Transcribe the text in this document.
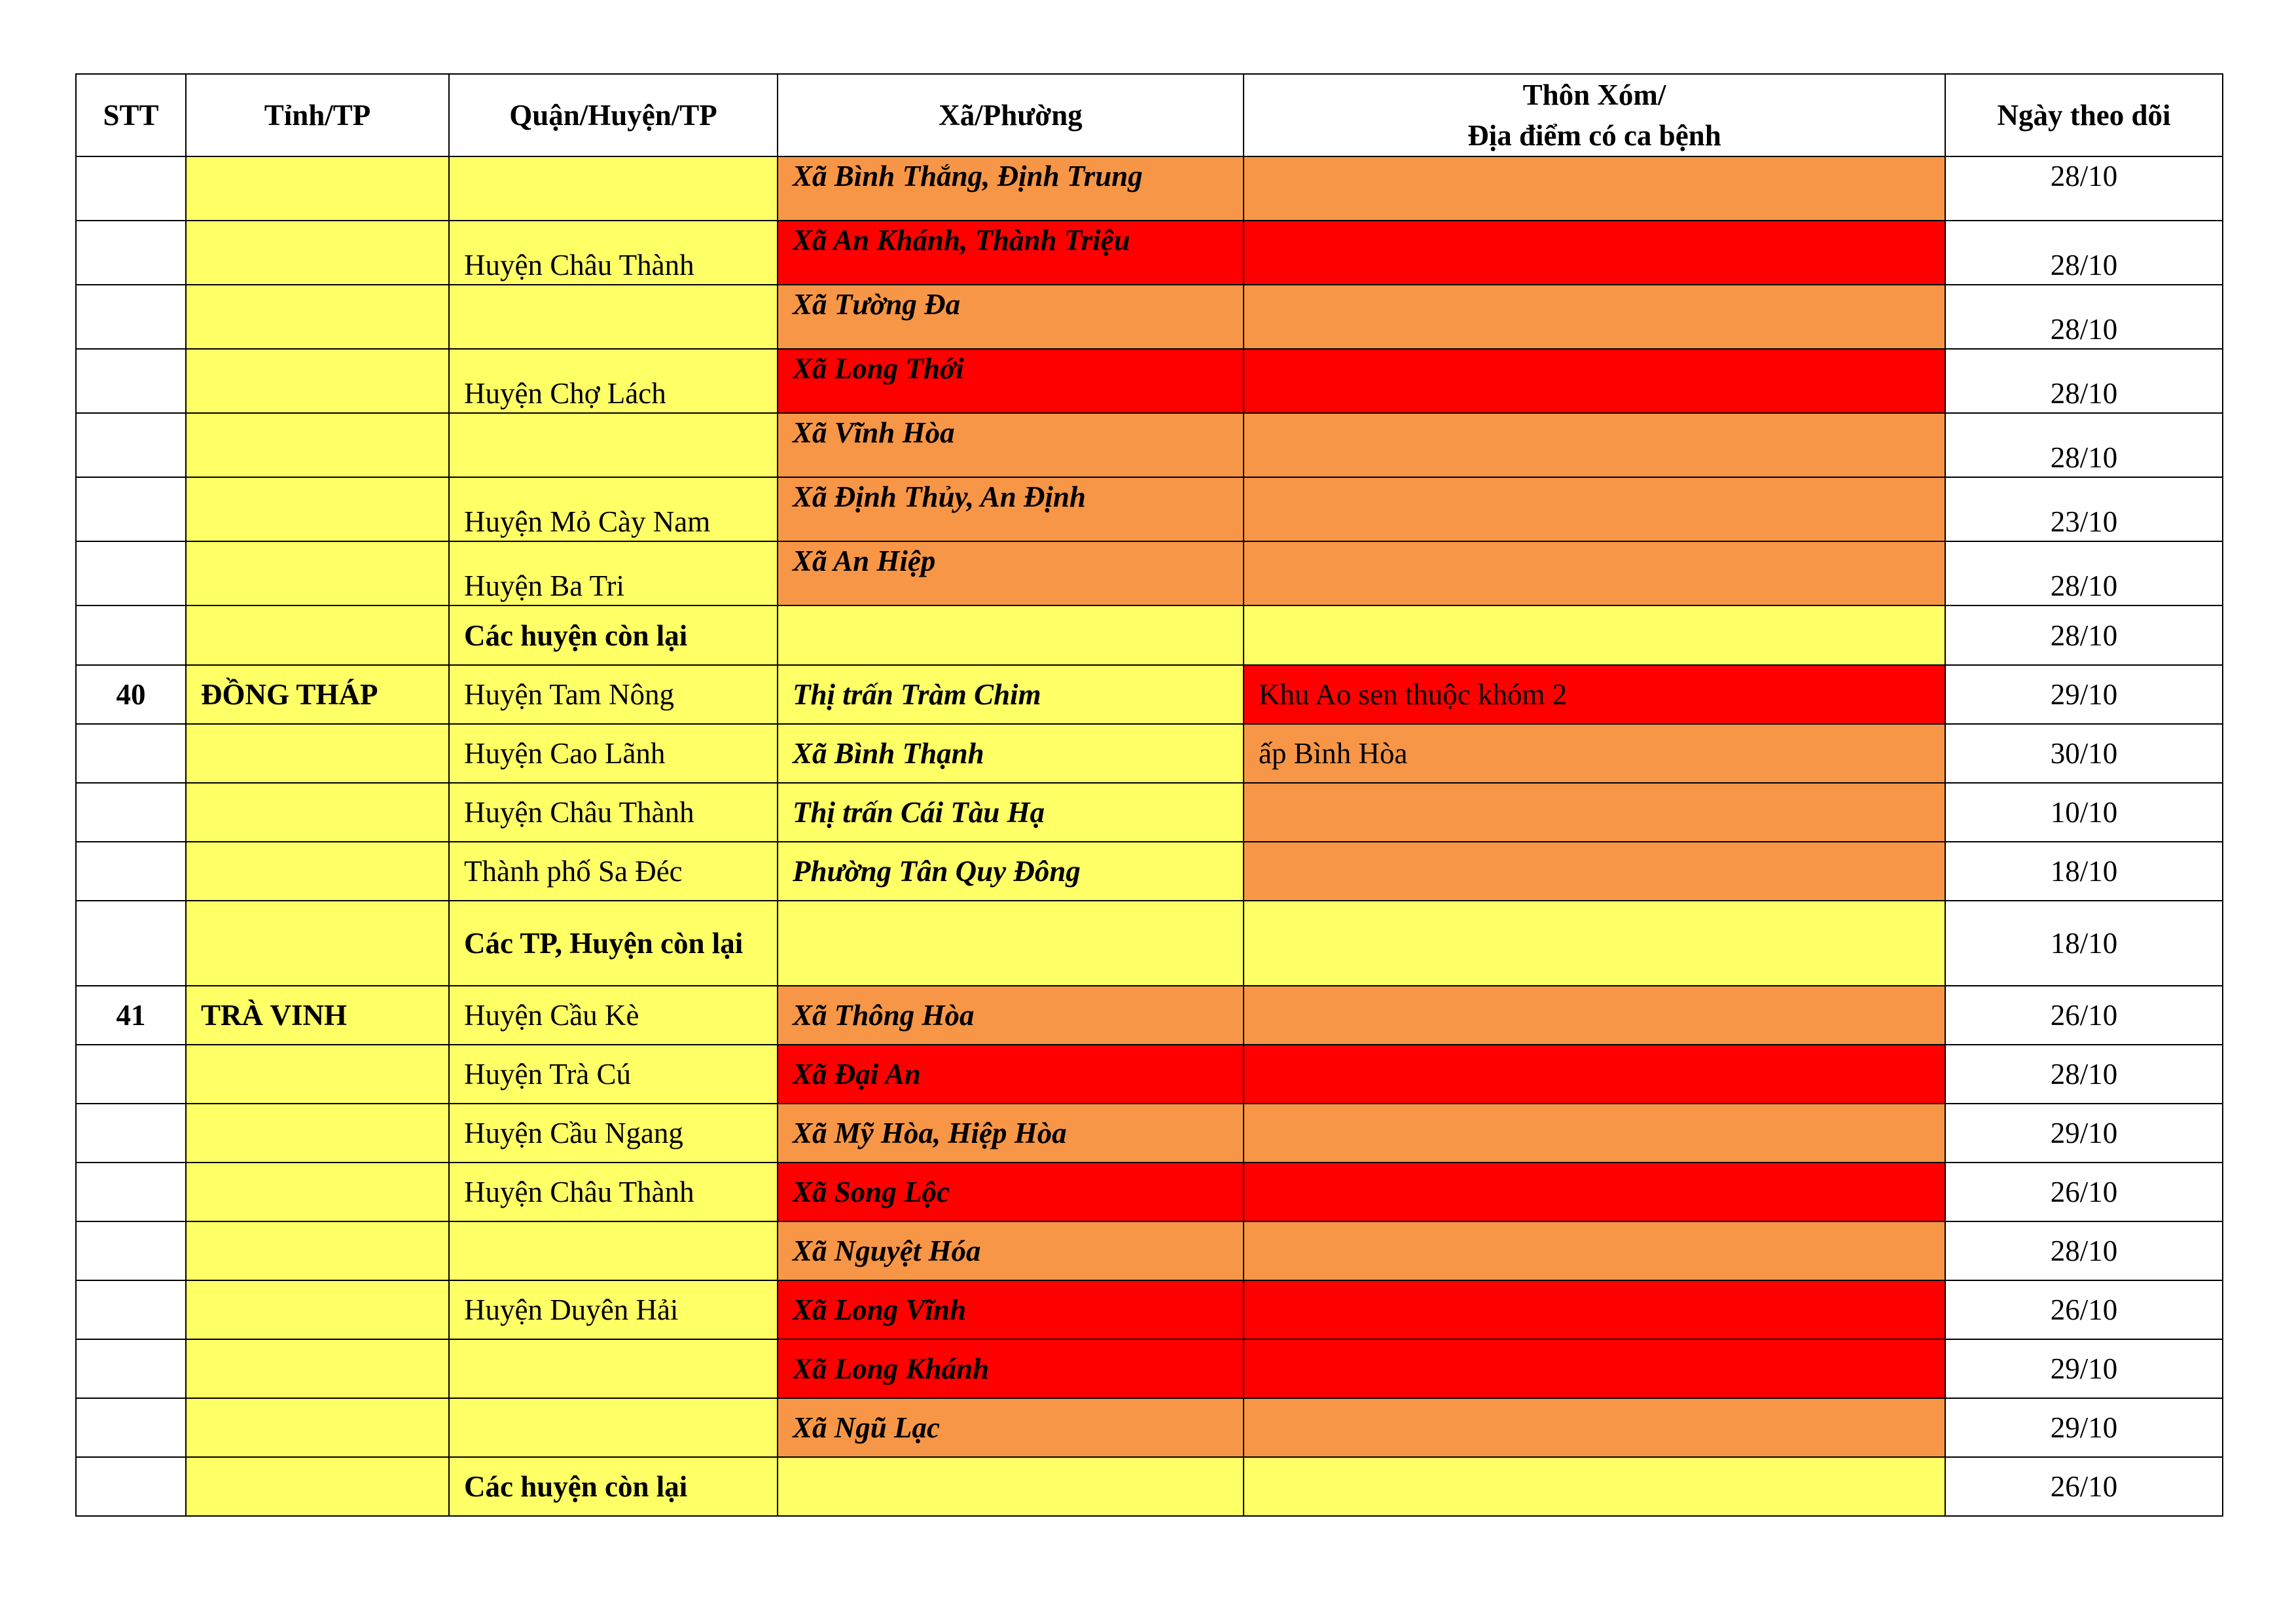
STT	Tỉnh/TP	Quận/Huyện/TP	Xã/Phường	Thôn Xóm/
Địa điểm có ca bệnh	Ngày theo dõi
			Xã Bình Thắng, Định Trung		28/10
		Huyện Châu Thành	Xã An Khánh, Thành Triệu		28/10
			Xã Tường Đa		28/10
		Huyện Chợ Lách	Xã Long Thới		28/10
			Xã Vĩnh Hòa		28/10
		Huyện Mỏ Cày Nam	Xã Định Thủy, An Định		23/10
		Huyện Ba Tri	Xã An Hiệp		28/10
		Các huyện còn lại			28/10
40	ĐỒNG THÁP	Huyện Tam Nông	Thị trấn Tràm Chim	Khu Ao sen thuộc khóm 2	29/10
		Huyện Cao Lãnh	Xã Bình Thạnh	ấp Bình Hòa	30/10
		Huyện Châu Thành	Thị trấn Cái Tàu Hạ		10/10
		Thành phố Sa Đéc	Phường Tân Quy Đông		18/10
		Các TP, Huyện còn lại			18/10
41	TRÀ VINH	Huyện Cầu Kè	Xã Thông Hòa		26/10
		Huyện Trà Cú	Xã Đại An		28/10
		Huyện Cầu Ngang	Xã Mỹ Hòa, Hiệp Hòa		29/10
		Huyện Châu Thành	Xã Song Lộc		26/10
			Xã Nguyệt Hóa		28/10
		Huyện Duyên Hải	Xã Long Vĩnh		26/10
			Xã Long Khánh		29/10
			Xã Ngũ Lạc		29/10
		Các huyện còn lại			26/10
